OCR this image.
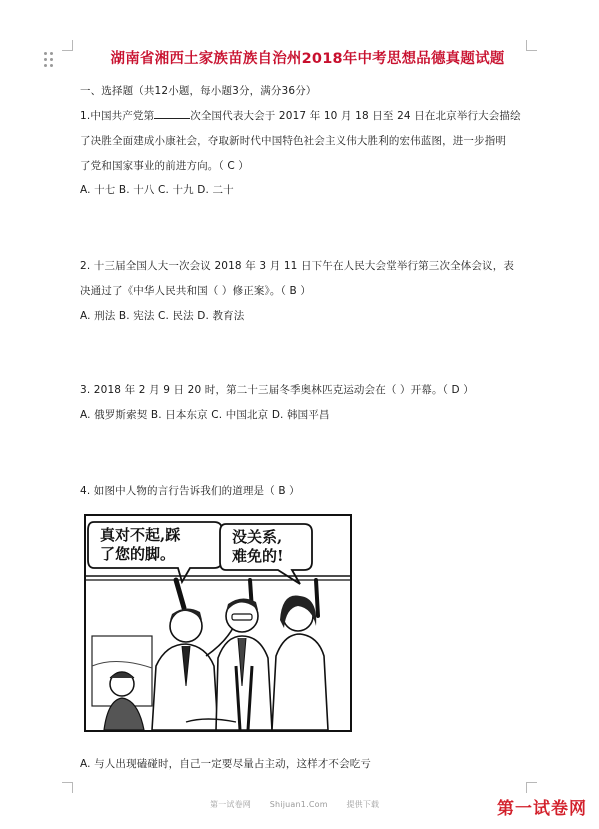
湖南省湘西土家族苗族自治州2018年中考思想品德真题试题
一、选择题（共12小题，每小题3分，满分36分）
1.中国共产党第	次全国代表大会于 2017 年 10 月 18 日至 24 日在北京举行大会描绘
了决胜全面建成小康社会，夺取新时代中国特色社会主义伟大胜利的宏伟蓝图，进一步指明
了党和国家事业的前进方向。（ C ）
A. 十七 B. 十八 C. 十九 D. 二十
2. 十三届全国人大一次会议 2018 年 3 月 11 日下午在人民大会堂举行第三次全体会议，表
决通过了《中华人民共和国（ ）修正案》。（ B ）
A. 刑法 B. 宪法 C. 民法 D. 教育法
3. 2018 年 2 月 9 日 20 时，第二十三届冬季奥林匹克运动会在（ ）开幕。（ D ）
A. 俄罗斯索契 B. 日本东京 C. 中国北京 D. 韩国平昌
4. 如图中人物的言行告诉我们的道理是（ B ）
真对不起,踩
了您的脚。
没关系,
难免的!
A. 与人出现磕碰时，自己一定要尽量占主动，这样才不会吃亏
第一试卷网 Shijuan1.Com 提供下载	第一试卷网
